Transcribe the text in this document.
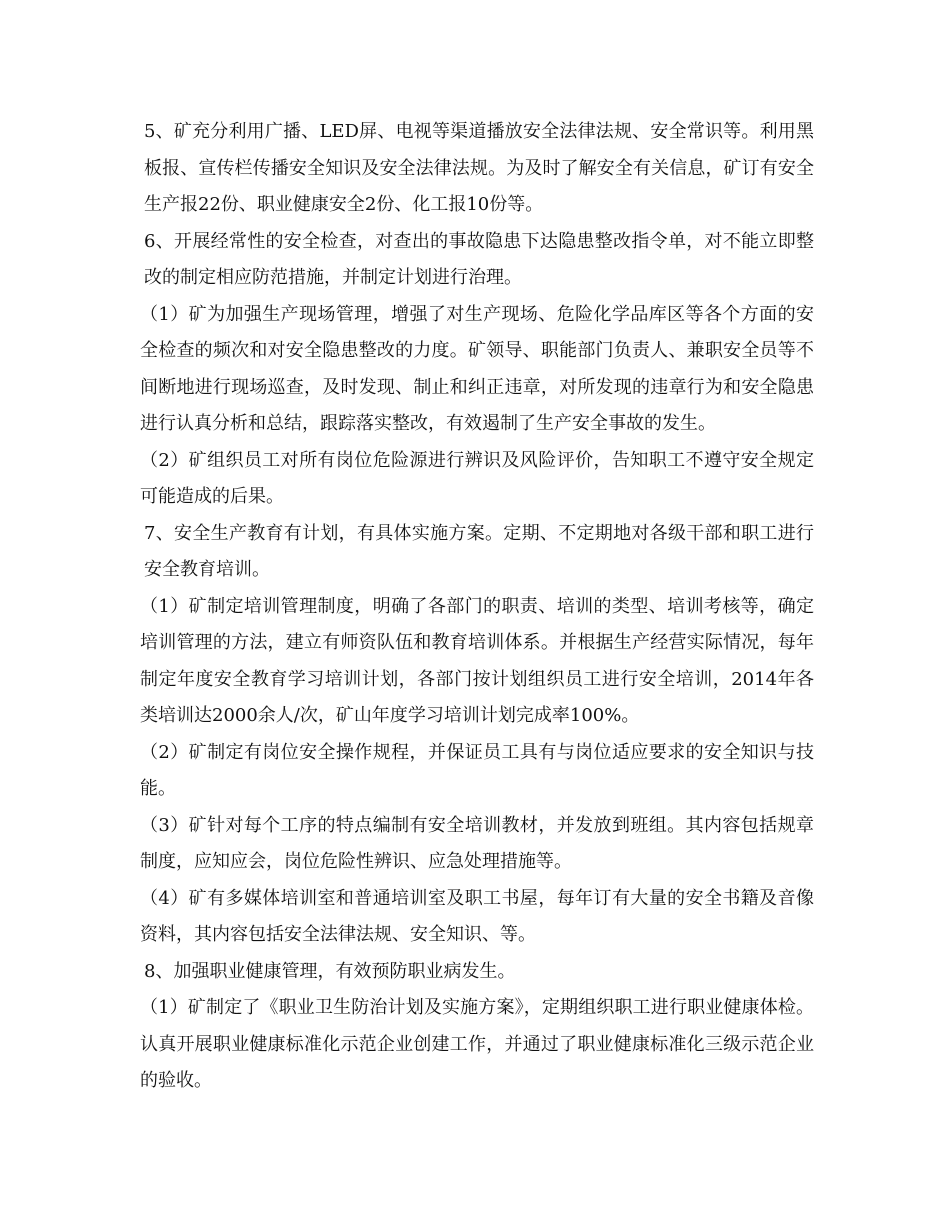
5、矿充分利用广播、LED屏、电视等渠道播放安全法律法规、安全常识等。利用黑板报、宣传栏传播安全知识及安全法律法规。为及时了解安全有关信息，矿订有安全生产报22份、职业健康安全2份、化工报10份等。

6、开展经常性的安全检查，对查出的事故隐患下达隐患整改指令单，对不能立即整改的制定相应防范措施，并制定计划进行治理。

（1）矿为加强生产现场管理，增强了对生产现场、危险化学品库区等各个方面的安全检查的频次和对安全隐患整改的力度。矿领导、职能部门负责人、兼职安全员等不间断地进行现场巡查，及时发现、制止和纠正违章，对所发现的违章行为和安全隐患进行认真分析和总结，跟踪落实整改，有效遏制了生产安全事故的发生。

（2）矿组织员工对所有岗位危险源进行辨识及风险评价，告知职工不遵守安全规定可能造成的后果。

7、安全生产教育有计划，有具体实施方案。定期、不定期地对各级干部和职工进行安全教育培训。

（1）矿制定培训管理制度，明确了各部门的职责、培训的类型、培训考核等，确定培训管理的方法，建立有师资队伍和教育培训体系。并根据生产经营实际情况，每年制定年度安全教育学习培训计划，各部门按计划组织员工进行安全培训，2014年各类培训达2000余人/次，矿山年度学习培训计划完成率100%。

（2）矿制定有岗位安全操作规程，并保证员工具有与岗位适应要求的安全知识与技能。

（3）矿针对每个工序的特点编制有安全培训教材，并发放到班组。其内容包括规章制度，应知应会，岗位危险性辨识、应急处理措施等。

（4）矿有多媒体培训室和普通培训室及职工书屋，每年订有大量的安全书籍及音像资料，其内容包括安全法律法规、安全知识、等。

8、加强职业健康管理，有效预防职业病发生。

（1）矿制定了《职业卫生防治计划及实施方案》，定期组织职工进行职业健康体检。认真开展职业健康标准化示范企业创建工作，并通过了职业健康标准化三级示范企业的验收。
